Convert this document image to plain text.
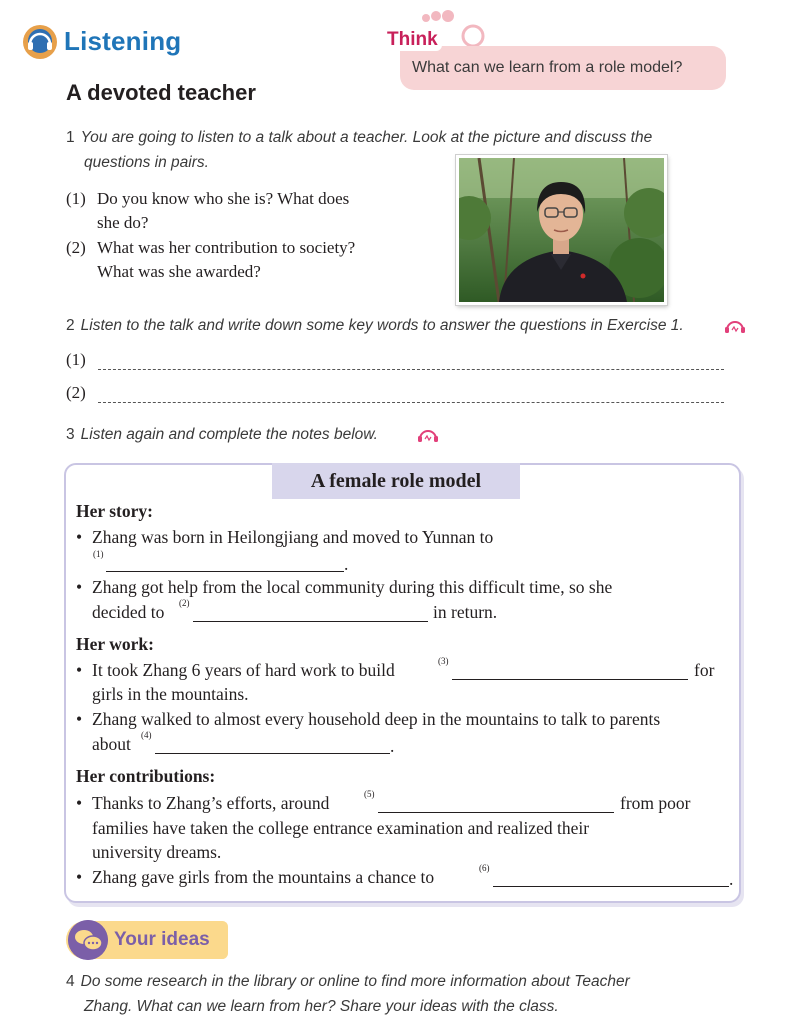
Listening
A devoted teacher
Think
What can we learn from a role model?
1 You are going to listen to a talk about a teacher. Look at the picture and discuss the
questions in pairs.
(1) Do you know who she is? What does
she do?
(2) What was her contribution to society?
What was she awarded?
2 Listen to the talk and write down some key words to answer the questions in Exercise 1.
(1)
(2)
3 Listen again and complete the notes below.
A female role model
Her story:
• Zhang was born in Heilongjiang and moved to Yunnan to
(1)	.
• Zhang got help from the local community during this difficult time, so she
decided to (2)	in return.
Her work:
• It took Zhang 6 years of hard work to build	(3)	for
girls in the mountains.
• Zhang walked to almost every household deep in the mountains to talk to parents
about (4)
.
Her contributions:
• Thanks to Zhang’s efforts, around	(5)	from poor
families have taken the college entrance examination and realized their
university dreams.
• Zhang gave girls from the mountains a chance to	(6)
.
Your ideas
4 Do some research in the library or online to find more information about Teacher
Zhang. What can we learn from her? Share your ideas with the class.
